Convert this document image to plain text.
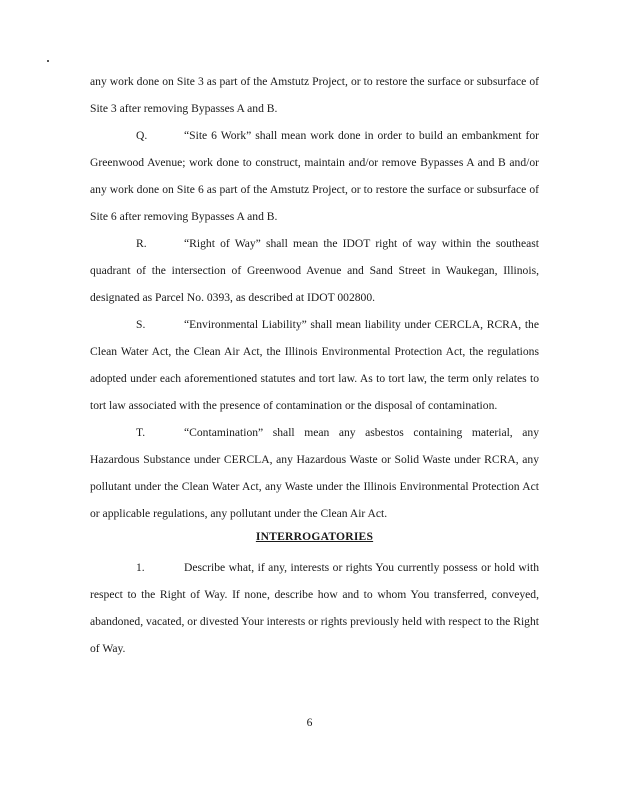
any work done on Site 3 as part of the Amstutz Project, or to restore the surface or subsurface of Site 3 after removing Bypasses A and B.

Q.	“Site 6 Work” shall mean work done in order to build an embankment for Greenwood Avenue; work done to construct, maintain and/or remove Bypasses A and B and/or any work done on Site 6 as part of the Amstutz Project, or to restore the surface or subsurface of Site 6 after removing Bypasses A and B.

R.	“Right of Way” shall mean the IDOT right of way within the southeast quadrant of the intersection of Greenwood Avenue and Sand Street in Waukegan, Illinois, designated as Parcel No. 0393, as described at IDOT 002800.

S.	“Environmental Liability” shall mean liability under CERCLA, RCRA, the Clean Water Act, the Clean Air Act, the Illinois Environmental Protection Act, the regulations adopted under each aforementioned statutes and tort law. As to tort law, the term only relates to tort law associated with the presence of contamination or the disposal of contamination.

T.	“Contamination” shall mean any asbestos containing material, any Hazardous Substance under CERCLA, any Hazardous Waste or Solid Waste under RCRA, any pollutant under the Clean Water Act, any Waste under the Illinois Environmental Protection Act or applicable regulations, any pollutant under the Clean Air Act.

INTERROGATORIES

1.	Describe what, if any, interests or rights You currently possess or hold with respect to the Right of Way. If none, describe how and to whom You transferred, conveyed, abandoned, vacated, or divested Your interests or rights previously held with respect to the Right of Way.

6
